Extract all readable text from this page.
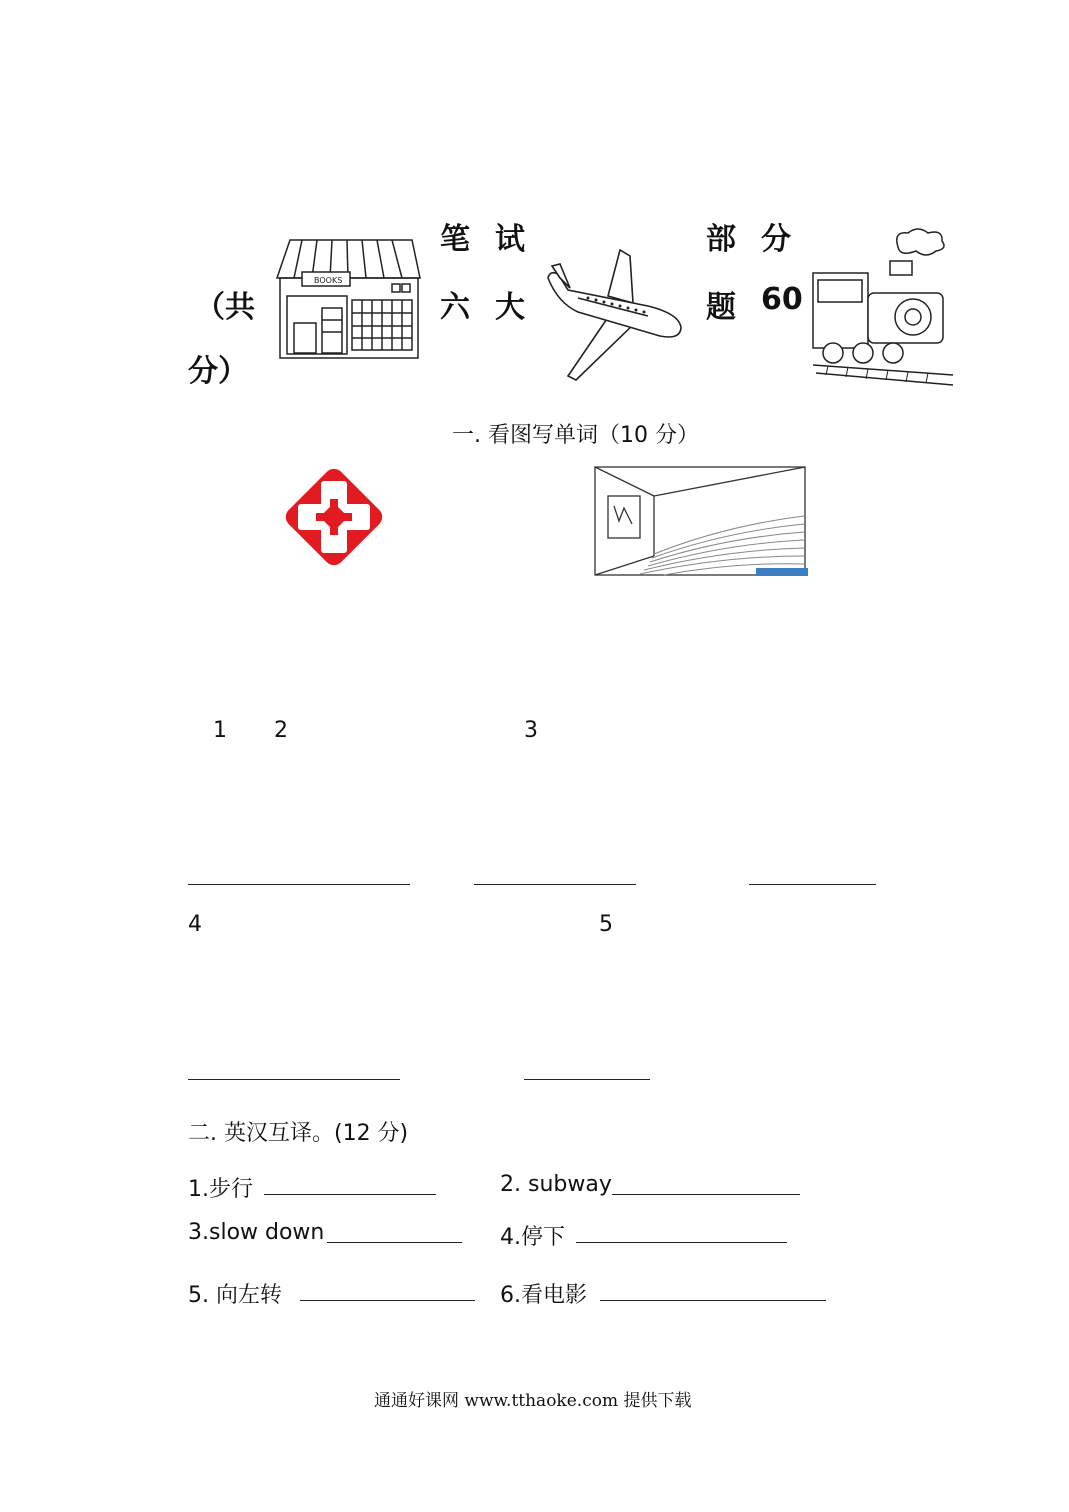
笔 试	部 分
（共	六 大	题 60
分）
BOOKS
一. 看图写单词（10 分）
1 2	3
4	5
二. 英汉互译。(12 分)
1.步行	2. subway
3.slow down	4.停下
5. 向左转	6.看电影
通通好课网 www.tthaoke.com 提供下载
